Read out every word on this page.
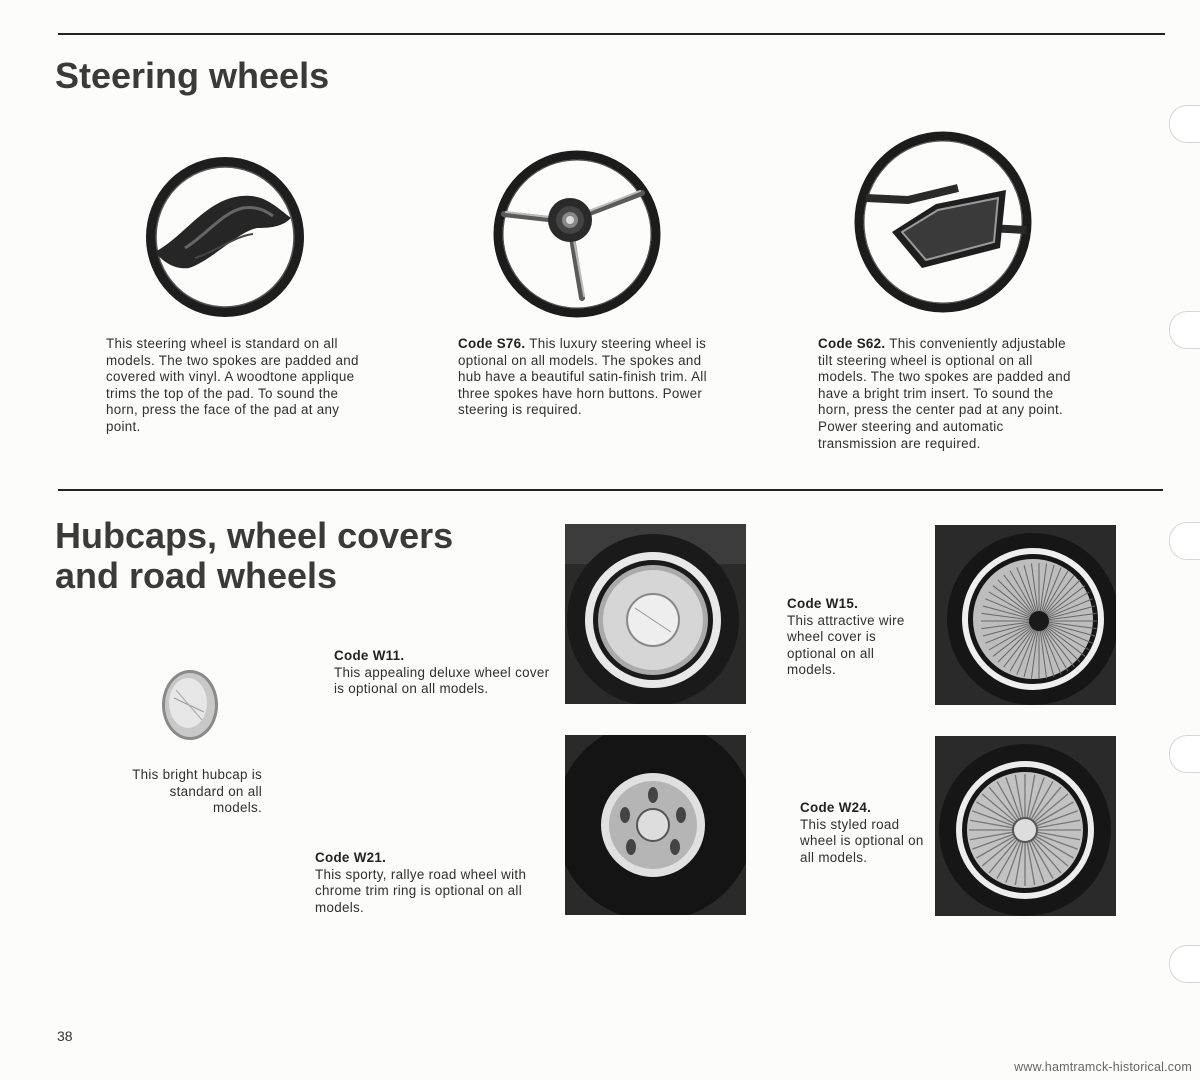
Steering wheels

This steering wheel is standard on all models. The two spokes are padded and covered with vinyl. A woodtone applique trims the top of the pad. To sound the horn, press the face of the pad at any point.

Code S76. This luxury steering wheel is optional on all models. The spokes and hub have a beautiful satin-finish trim. All three spokes have horn buttons. Power steering is required.

Code S62. This conveniently adjustable tilt steering wheel is optional on all models. The two spokes are padded and have a bright trim insert. To sound the horn, press the center pad at any point. Power steering and automatic transmission are required.

Hubcaps, wheel covers
and road wheels

This bright hubcap is standard on all models.

Code W11.
This appealing deluxe wheel cover is optional on all models.

Code W15.
This attractive wire wheel cover is optional on all models.

Code W21.
This sporty, rallye road wheel with chrome trim ring is optional on all models.

Code W24.
This styled road wheel is optional on all models.

38
www.hamtramck-historical.com
